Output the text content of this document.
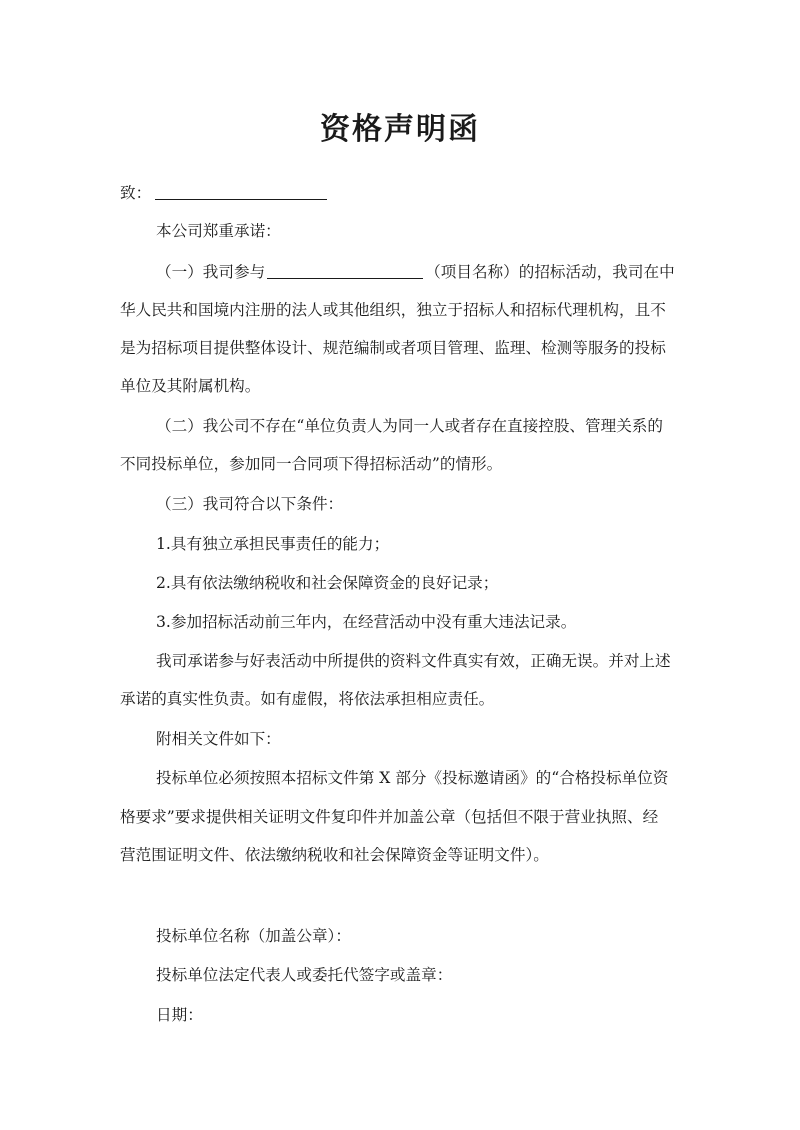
资格声明函
致：
本公司郑重承诺：
（一）我司参与	（项目名称）的招标活动，我司在中
华人民共和国境内注册的法人或其他组织，独立于招标人和招标代理机构，且不
是为招标项目提供整体设计、规范编制或者项目管理、监理、检测等服务的投标
单位及其附属机构。
（二）我公司不存在“单位负责人为同一人或者存在直接控股、管理关系的
不同投标单位，参加同一合同项下得招标活动”的情形。
（三）我司符合以下条件：
1.具有独立承担民事责任的能力；
2.具有依法缴纳税收和社会保障资金的良好记录；
3.参加招标活动前三年内，在经营活动中没有重大违法记录。
我司承诺参与好表活动中所提供的资料文件真实有效，正确无误。并对上述
承诺的真实性负责。如有虚假，将依法承担相应责任。
附相关文件如下：
投标单位必须按照本招标文件第 X 部分《投标邀请函》的“合格投标单位资
格要求”要求提供相关证明文件复印件并加盖公章（包括但不限于营业执照、经
营范围证明文件、依法缴纳税收和社会保障资金等证明文件）。
投标单位名称（加盖公章）：
投标单位法定代表人或委托代签字或盖章：
日期：
